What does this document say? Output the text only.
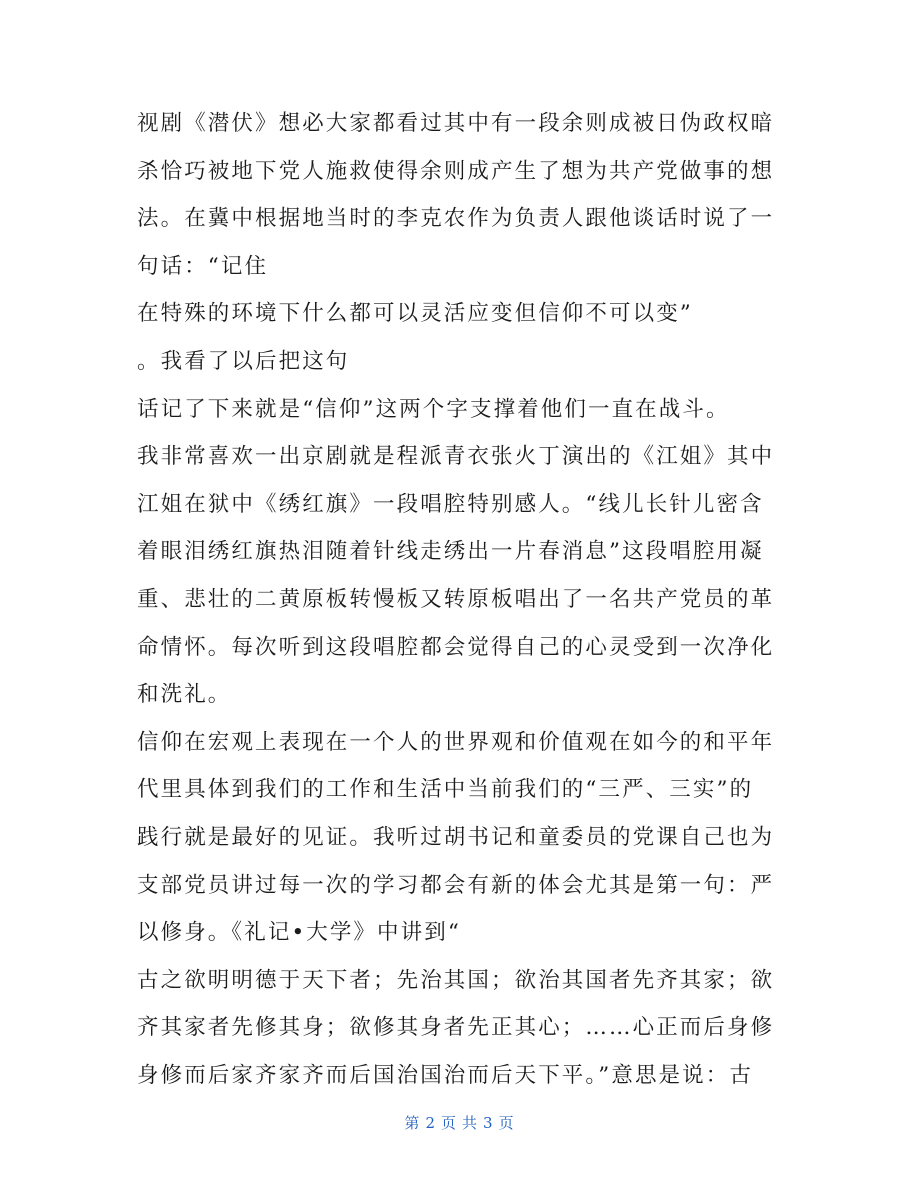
视剧《潜伏》想必大家都看过其中有一段余则成被日伪政权暗
杀恰巧被地下党人施救使得余则成产生了想为共产党做事的想
法。在冀中根据地当时的李克农作为负责人跟他谈话时说了一
句话：“记住
在特殊的环境下什么都可以灵活应变但信仰不可以变”
。我看了以后把这句
话记了下来就是“信仰”这两个字支撑着他们一直在战斗。
我非常喜欢一出京剧就是程派青衣张火丁演出的《江姐》其中
江姐在狱中《绣红旗》一段唱腔特别感人。“线儿长针儿密含
着眼泪绣红旗热泪随着针线走绣出一片春消息”这段唱腔用凝
重、悲壮的二黄原板转慢板又转原板唱出了一名共产党员的革
命情怀。每次听到这段唱腔都会觉得自己的心灵受到一次净化
和洗礼。
信仰在宏观上表现在一个人的世界观和价值观在如今的和平年
代里具体到我们的工作和生活中当前我们的“三严、三实”的
践行就是最好的见证。我听过胡书记和童委员的党课自己也为
支部党员讲过每一次的学习都会有新的体会尤其是第一句：严
以修身。《礼记•大学》中讲到“
古之欲明明德于天下者；先治其国；欲治其国者先齐其家；欲
齐其家者先修其身；欲修其身者先正其心；……心正而后身修
身修而后家齐家齐而后国治国治而后天下平。”意思是说：古
第 2 页 共 3 页
